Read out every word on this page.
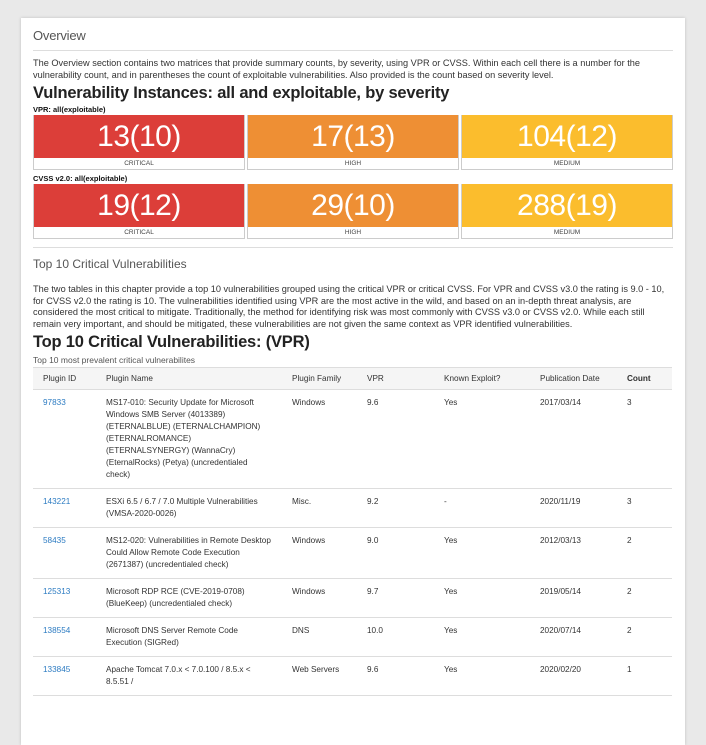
Overview
The Overview section contains two matrices that provide summary counts, by severity, using VPR or CVSS. Within each cell there is a number for the vulnerability count, and in parentheses the count of exploitable vulnerabilities. Also provided is the count based on severity level.
Vulnerability Instances: all and exploitable, by severity
VPR: all(exploitable)
13(10)
CRITICAL
17(13)
HIGH
104(12)
MEDIUM
CVSS v2.0: all(exploitable)
19(12)
CRITICAL
29(10)
HIGH
288(19)
MEDIUM
Top 10 Critical Vulnerabilities
The two tables in this chapter provide a top 10 vulnerabilities grouped using the critical VPR or critical CVSS. For VPR and CVSS v3.0 the rating is 9.0 - 10, for CVSS v2.0 the rating is 10. The vulnerabilities identified using VPR are the most active in the wild, and based on an in-depth threat analysis, are considered the most critical to mitigate. Traditionally, the method for identifying risk was most commonly with CVSS v3.0 or CVSS v2.0. While each still remain very important, and should be mitigated, these vulnerabilities are not given the same context as VPR identified vulnerabilities.
Top 10 Critical Vulnerabilities: (VPR)
Top 10 most prevalent critical vulnerabilites
Plugin ID	Plugin Name	Plugin Family	VPR	Known Exploit?	Publication Date	Count
97833	MS17-010: Security Update for Microsoft Windows SMB Server (4013389) (ETERNALBLUE) (ETERNALCHAMPION) (ETERNALROMANCE) (ETERNALSYNERGY) (WannaCry) (EternalRocks) (Petya) (uncredentialed check)	Windows	9.6	Yes	2017/03/14	3
143221	ESXi 6.5 / 6.7 / 7.0 Multiple Vulnerabilities (VMSA-2020-0026)	Misc.	9.2	-	2020/11/19	3
58435	MS12-020: Vulnerabilities in Remote Desktop Could Allow Remote Code Execution (2671387) (uncredentialed check)	Windows	9.0	Yes	2012/03/13	2
125313	Microsoft RDP RCE (CVE-2019-0708) (BlueKeep) (uncredentialed check)	Windows	9.7	Yes	2019/05/14	2
138554	Microsoft DNS Server Remote Code Execution (SIGRed)	DNS	10.0	Yes	2020/07/14	2
133845	Apache Tomcat 7.0.x < 7.0.100 / 8.5.x < 8.5.51 /	Web Servers	9.6	Yes	2020/02/20	1
